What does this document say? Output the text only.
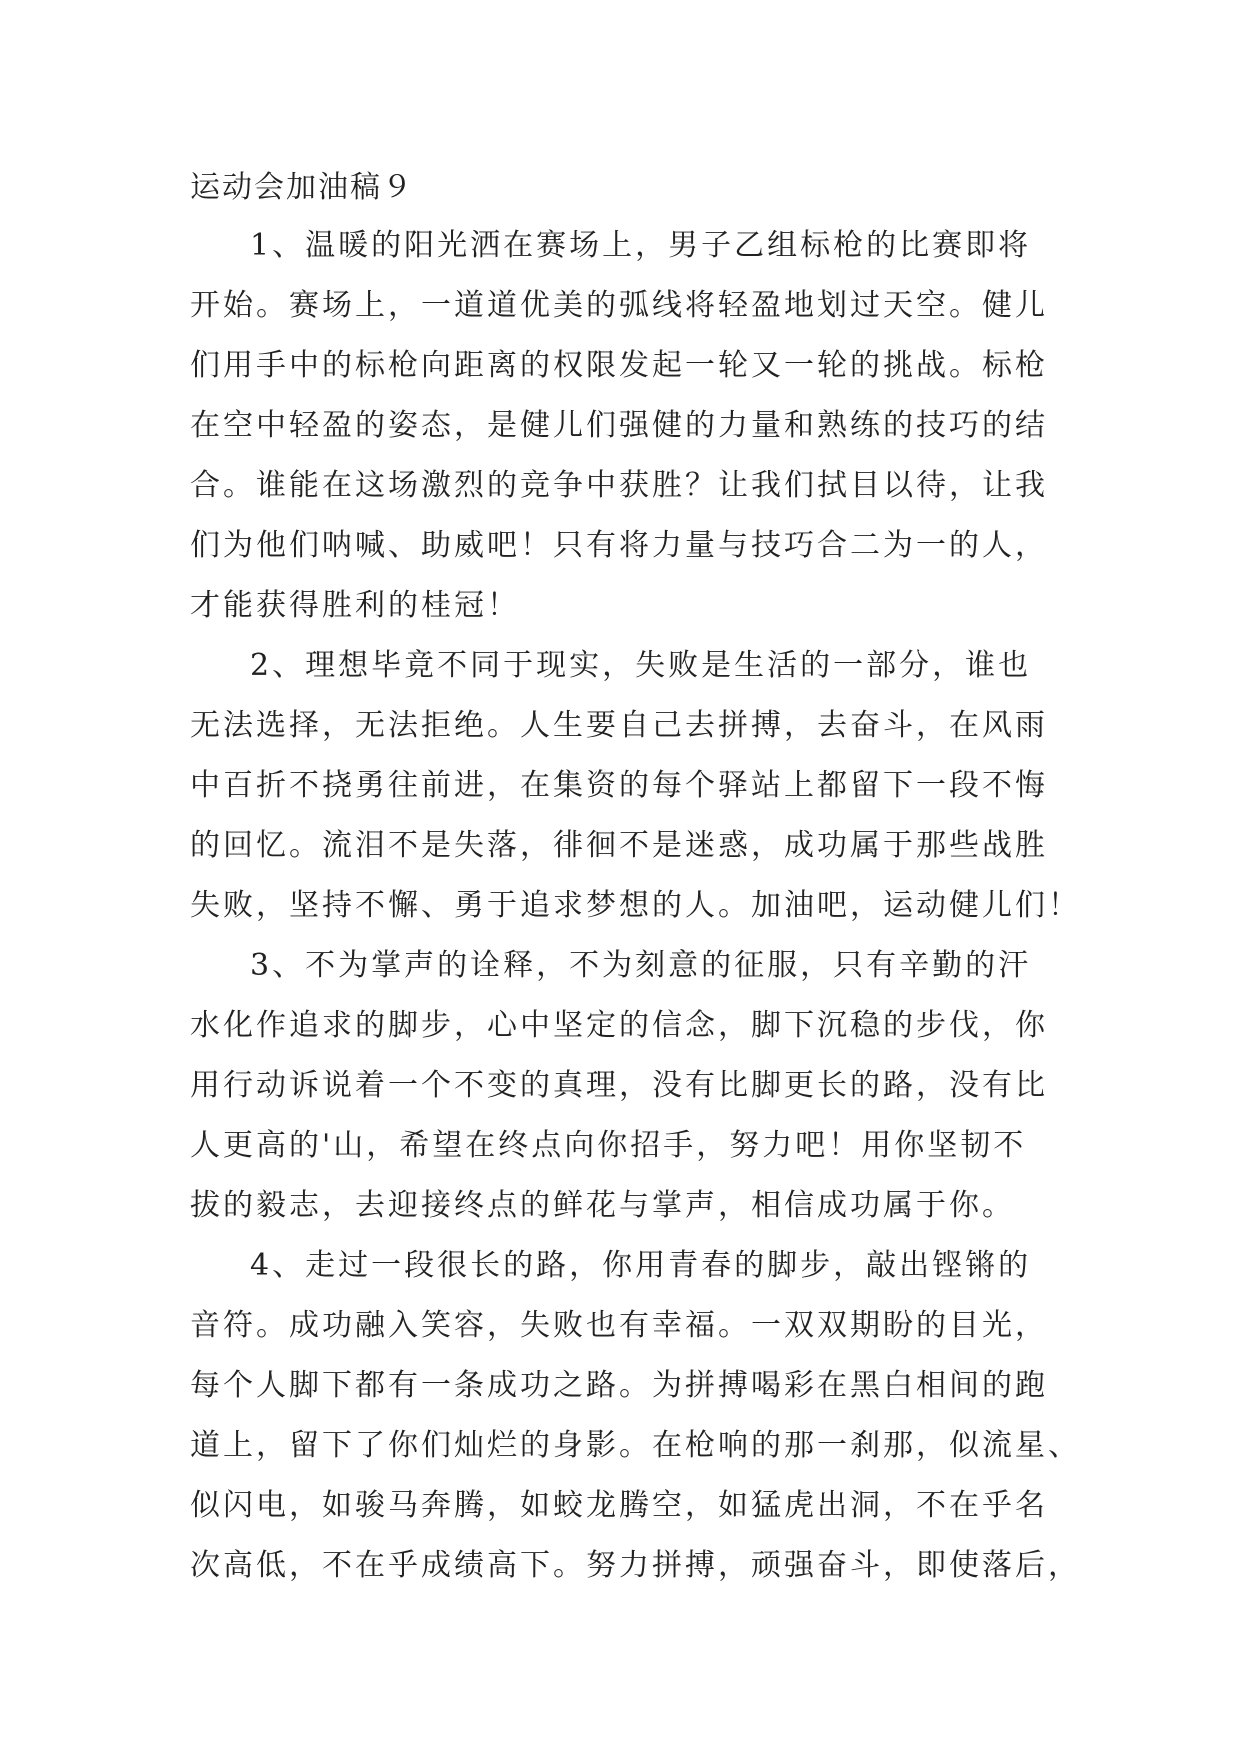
运动会加油稿９
1、温暖的阳光洒在赛场上，男子乙组标枪的比赛即将
开始。赛场上，一道道优美的弧线将轻盈地划过天空。健儿
们用手中的标枪向距离的权限发起一轮又一轮的挑战。标枪
在空中轻盈的姿态，是健儿们强健的力量和熟练的技巧的结
合。谁能在这场激烈的竞争中获胜？让我们拭目以待，让我
们为他们呐喊、助威吧！只有将力量与技巧合二为一的人，
才能获得胜利的桂冠！
2、理想毕竟不同于现实，失败是生活的一部分，谁也
无法选择，无法拒绝。人生要自己去拼搏，去奋斗，在风雨
中百折不挠勇往前进，在集资的每个驿站上都留下一段不悔
的回忆。流泪不是失落，徘徊不是迷惑，成功属于那些战胜
失败，坚持不懈、勇于追求梦想的人。加油吧，运动健儿们！
3、不为掌声的诠释，不为刻意的征服，只有辛勤的汗
水化作追求的脚步，心中坚定的信念，脚下沉稳的步伐，你
用行动诉说着一个不变的真理，没有比脚更长的路，没有比
人更高的'山，希望在终点向你招手，努力吧！用你坚韧不
拔的毅志，去迎接终点的鲜花与掌声，相信成功属于你。
4、走过一段很长的路，你用青春的脚步，敲出铿锵的
音符。成功融入笑容，失败也有幸福。一双双期盼的目光，
每个人脚下都有一条成功之路。为拼搏喝彩在黑白相间的跑
道上，留下了你们灿烂的身影。在枪响的那一刹那，似流星、
似闪电，如骏马奔腾，如蛟龙腾空，如猛虎出洞，不在乎名
次高低，不在乎成绩高下。努力拼搏，顽强奋斗，即使落后，
